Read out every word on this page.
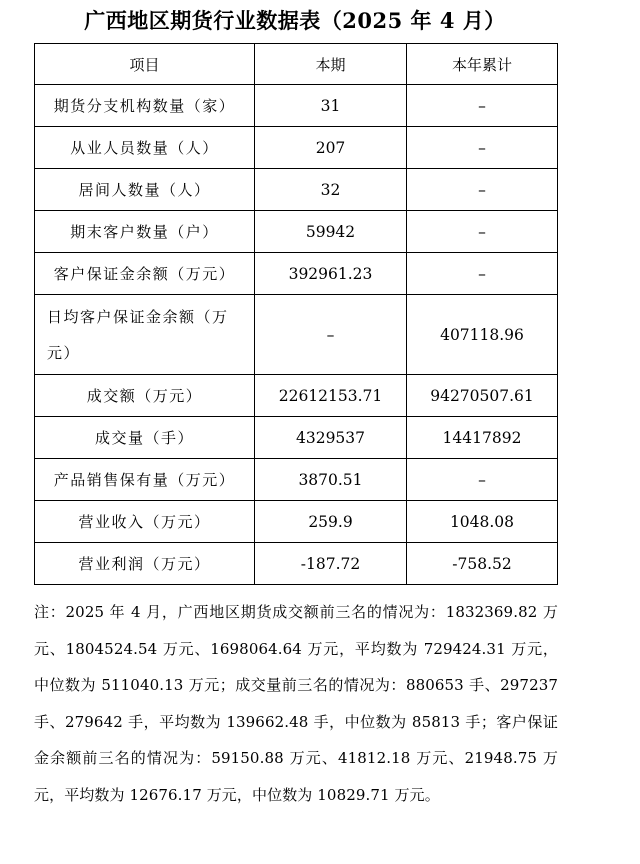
广西地区期货行业数据表（2025 年 4 月）
项目	本期	本年累计
期货分支机构数量（家）	31	–
从业人员数量（人）	207	–
居间人数量（人）	32	–
期末客户数量（户）	59942	–
客户保证金余额（万元）	392961.23	–
日均客户保证金余额（万元）	–	407118.96
成交额（万元）	22612153.71	94270507.61
成交量（手）	4329537	14417892
产品销售保有量（万元）	3870.51	–
营业收入（万元）	259.9	1048.08
营业利润（万元）	-187.72	-758.52
注：2025 年 4 月，广西地区期货成交额前三名的情况为：1832369.82 万元、1804524.54 万元、1698064.64 万元，平均数为 729424.31 万元，中位数为 511040.13 万元；成交量前三名的情况为：880653 手、297237 手、279642 手，平均数为 139662.48 手，中位数为 85813 手；客户保证金余额前三名的情况为：59150.88 万元、41812.18 万元、21948.75 万元，平均数为 12676.17 万元，中位数为 10829.71 万元。
